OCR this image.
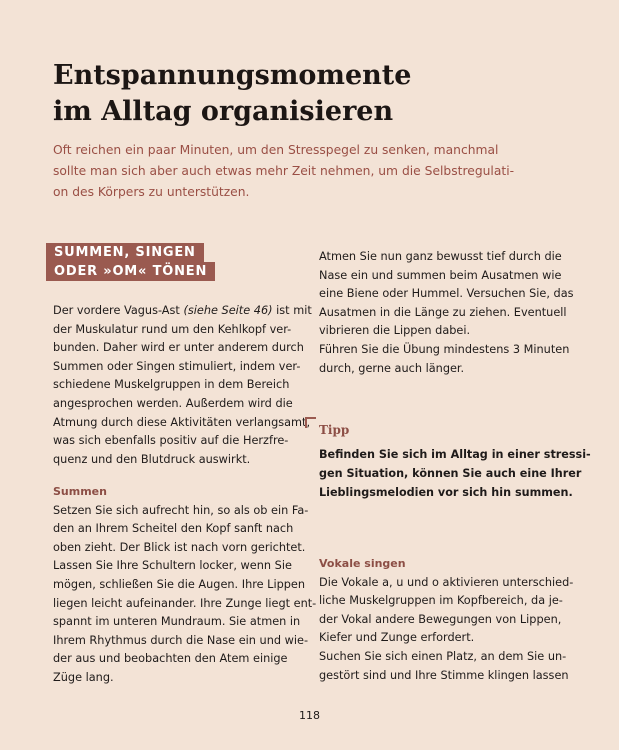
Entspannungsmomente
im Alltag organisieren

Oft reichen ein paar Minuten, um den Stresspegel zu senken, manchmal
sollte man sich aber auch etwas mehr Zeit nehmen, um die Selbstregulati-
on des Körpers zu unterstützen.

SUMMEN, SINGEN
ODER »OM« TÖNEN
Der vordere Vagus-Ast (siehe Seite 46) ist mit
der Muskulatur rund um den Kehlkopf ver-
bunden. Daher wird er unter anderem durch
Summen oder Singen stimuliert, indem ver-
schiedene Muskelgruppen in dem Bereich
angesprochen werden. Außerdem wird die
Atmung durch diese Aktivitäten verlangsamt,
was sich ebenfalls positiv auf die Herzfre-
quenz und den Blutdruck auswirkt.
Summen
Setzen Sie sich aufrecht hin, so als ob ein Fa-
den an Ihrem Scheitel den Kopf sanft nach
oben zieht. Der Blick ist nach vorn gerichtet.
Lassen Sie Ihre Schultern locker, wenn Sie
mögen, schließen Sie die Augen. Ihre Lippen
liegen leicht aufeinander. Ihre Zunge liegt ent-
spannt im unteren Mundraum. Sie atmen in
Ihrem Rhythmus durch die Nase ein und wie-
der aus und beobachten den Atem einige
Züge lang.
Atmen Sie nun ganz bewusst tief durch die
Nase ein und summen beim Ausatmen wie
eine Biene oder Hummel. Versuchen Sie, das
Ausatmen in die Länge zu ziehen. Eventuell
vibrieren die Lippen dabei.
Führen Sie die Übung mindestens 3 Minuten
durch, gerne auch länger.
Tipp
Befinden Sie sich im Alltag in einer stressi-
gen Situation, können Sie auch eine Ihrer
Lieblingsmelodien vor sich hin summen.
Vokale singen
Die Vokale a, u und o aktivieren unterschied-
liche Muskelgruppen im Kopfbereich, da je-
der Vokal andere Bewegungen von Lippen,
Kiefer und Zunge erfordert.
Suchen Sie sich einen Platz, an dem Sie un-
gestört sind und Ihre Stimme klingen lassen
118
